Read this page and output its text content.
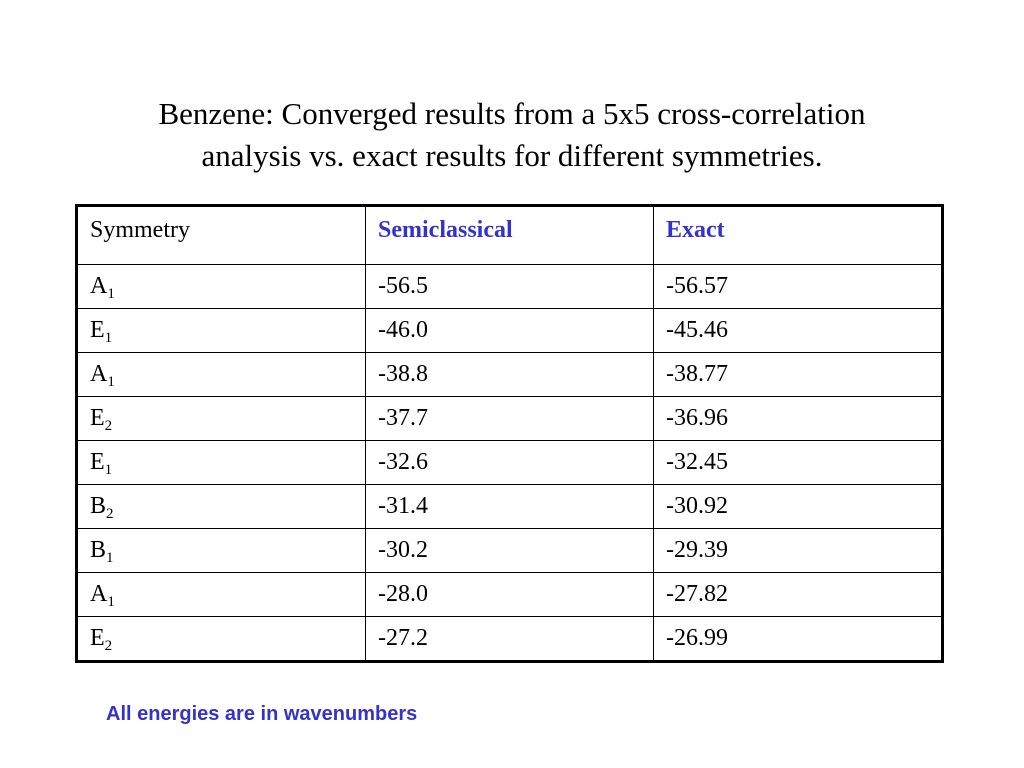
Benzene: Converged results from a 5x5 cross-correlation
analysis vs. exact results for different symmetries.
Symmetry	Semiclassical	Exact
$A_1$	-56.5	-56.57
$E_1$	-46.0	-45.46
$A_1$	-38.8	-38.77
$E_2$	-37.7	-36.96
$E_1$	-32.6	-32.45
$B_2$	-31.4	-30.92
$B_1$	-30.2	-29.39
$A_1$	-28.0	-27.82
$E_2$	-27.2	-26.99

All energies are in wavenumbers
